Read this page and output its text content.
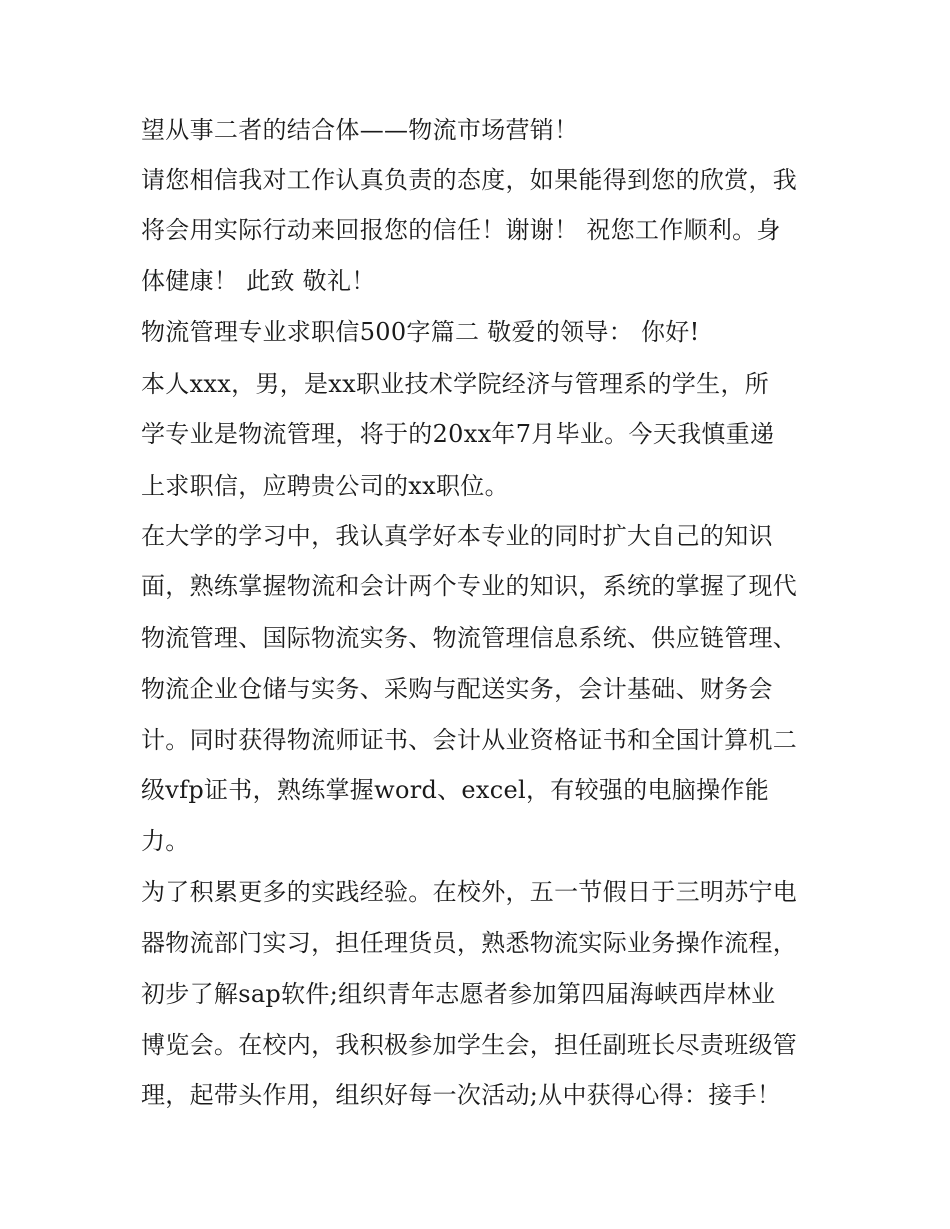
望从事二者的结合体——物流市场营销！
请您相信我对工作认真负责的态度，如果能得到您的欣赏，我
将会用实际行动来回报您的信任！谢谢！ 祝您工作顺利。身
体健康！ 此致 敬礼！
物流管理专业求职信500字篇二 敬爱的领导： 你好!
本人xxx，男，是xx职业技术学院经济与管理系的学生，所
学专业是物流管理，将于的20xx年7月毕业。今天我慎重递
上求职信，应聘贵公司的xx职位。
在大学的学习中，我认真学好本专业的同时扩大自己的知识
面，熟练掌握物流和会计两个专业的知识，系统的掌握了现代
物流管理、国际物流实务、物流管理信息系统、供应链管理、
物流企业仓储与实务、采购与配送实务，会计基础、财务会
计。同时获得物流师证书、会计从业资格证书和全国计算机二
级vfp证书，熟练掌握word、excel，有较强的电脑操作能
力。
为了积累更多的实践经验。在校外，五一节假日于三明苏宁电
器物流部门实习，担任理货员，熟悉物流实际业务操作流程，
初步了解sap软件;组织青年志愿者参加第四届海峡西岸林业
博览会。在校内，我积极参加学生会，担任副班长尽责班级管
理，起带头作用，组织好每一次活动;从中获得心得：接手！
